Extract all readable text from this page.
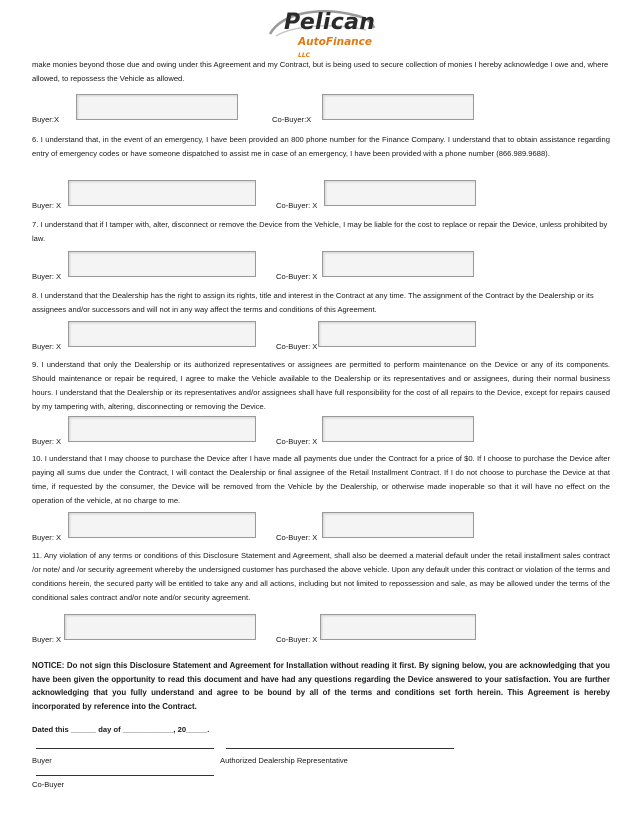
Pelican
AutoFinance LLC
make monies beyond those due and owing under this Agreement and my Contract, but is being used to secure collection of monies I hereby acknowledge I owe and, where allowed, to repossess the Vehicle as allowed.
Buyer:X	Co-Buyer:X
6. I understand that, in the event of an emergency, I have been provided an 800 phone number for the Finance Company. I understand that to obtain assistance regarding entry of emergency codes or have someone dispatched to assist me in case of an emergency, I have been provided with a phone number (866.989.9688).
Buyer: X	Co-Buyer: X
7. I understand that if I tamper with, alter, disconnect or remove the Device from the Vehicle, I may be liable for the cost to replace or repair the Device, unless prohibited by law.
Buyer: X	Co-Buyer: X
8. I understand that the Dealership has the right to assign its rights, title and interest in the Contract at any time. The assignment of the Contract by the Dealership or its assignees and/or successors and will not in any way affect the terms and conditions of this Agreement.
Buyer: X	Co-Buyer: X
9. I understand that only the Dealership or its authorized representatives or assignees are permitted to perform maintenance on the Device or any of its components. Should maintenance or repair be required, I agree to make the Vehicle available to the Dealership or its representatives and or assignees, during their normal business hours. I understand that the Dealership or its representatives and/or assignees shall have full responsibility for the cost of all repairs to the Device, except for repairs caused by my tampering with, altering, disconnecting or removing the Device.
Buyer: X	Co-Buyer: X
10. I understand that I may choose to purchase the Device after I have made all payments due under the Contract for a price of $0. If I choose to purchase the Device after paying all sums due under the Contract, I will contact the Dealership or final assignee of the Retail Installment Contract. If I do not choose to purchase the Device at that time, if requested by the consumer, the Device will be removed from the Vehicle by the Dealership, or otherwise made inoperable so that it will have no effect on the operation of the vehicle, at no charge to me.
Buyer: X	Co-Buyer: X
11. Any violation of any terms or conditions of this Disclosure Statement and Agreement, shall also be deemed a material default under the retail installment sales contract /or note/ and /or security agreement whereby the undersigned customer has purchased the above vehicle. Upon any default under this contract or violation of the terms and conditions herein, the secured party will be entitled to take any and all actions, including but not limited to repossession and sale, as may be allowed under the terms of the conditional sales contract and/or note and/or security agreement.
Buyer: X	Co-Buyer: X
NOTICE: Do not sign this Disclosure Statement and Agreement for Installation without reading it first. By signing below, you are acknowledging that you have been given the opportunity to read this document and have had any questions regarding the Device answered to your satisfaction. You are further acknowledging that you fully understand and agree to be bound by all of the terms and conditions set forth herein. This Agreement is hereby incorporated by reference into the Contract.
Dated this ______ day of ____________, 20_____.
Buyer	Authorized Dealership Representative
Co-Buyer
